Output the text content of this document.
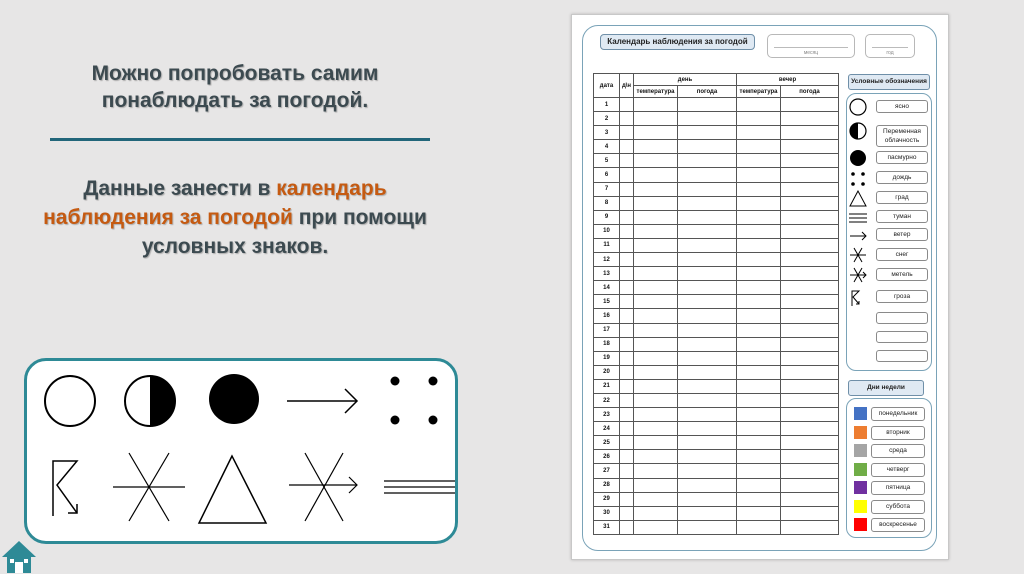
Можно попробовать самим понаблюдать за погодой.
Данные занести в календарь наблюдения за погодой при помощи условных знаков.
Календарь наблюдения за погодой
месяц	год
дата	д\н	день		вечер	
		температура	погода	температура	погода
1					
2					
3					
4					
5					
6					
7					
8					
9					
10					
11					
12					
13					
14					
15					
16					
17					
18					
19					
20					
21					
22					
23					
24					
25					
26					
27					
28					
29					
30					
31					
Условные обозначения
ясно
Переменная облачность
пасмурно
дождь
град
туман
ветер
снег
метель
гроза
Дни недели
понедельник
вторник
среда
четверг
пятница
суббота
воскресенье
